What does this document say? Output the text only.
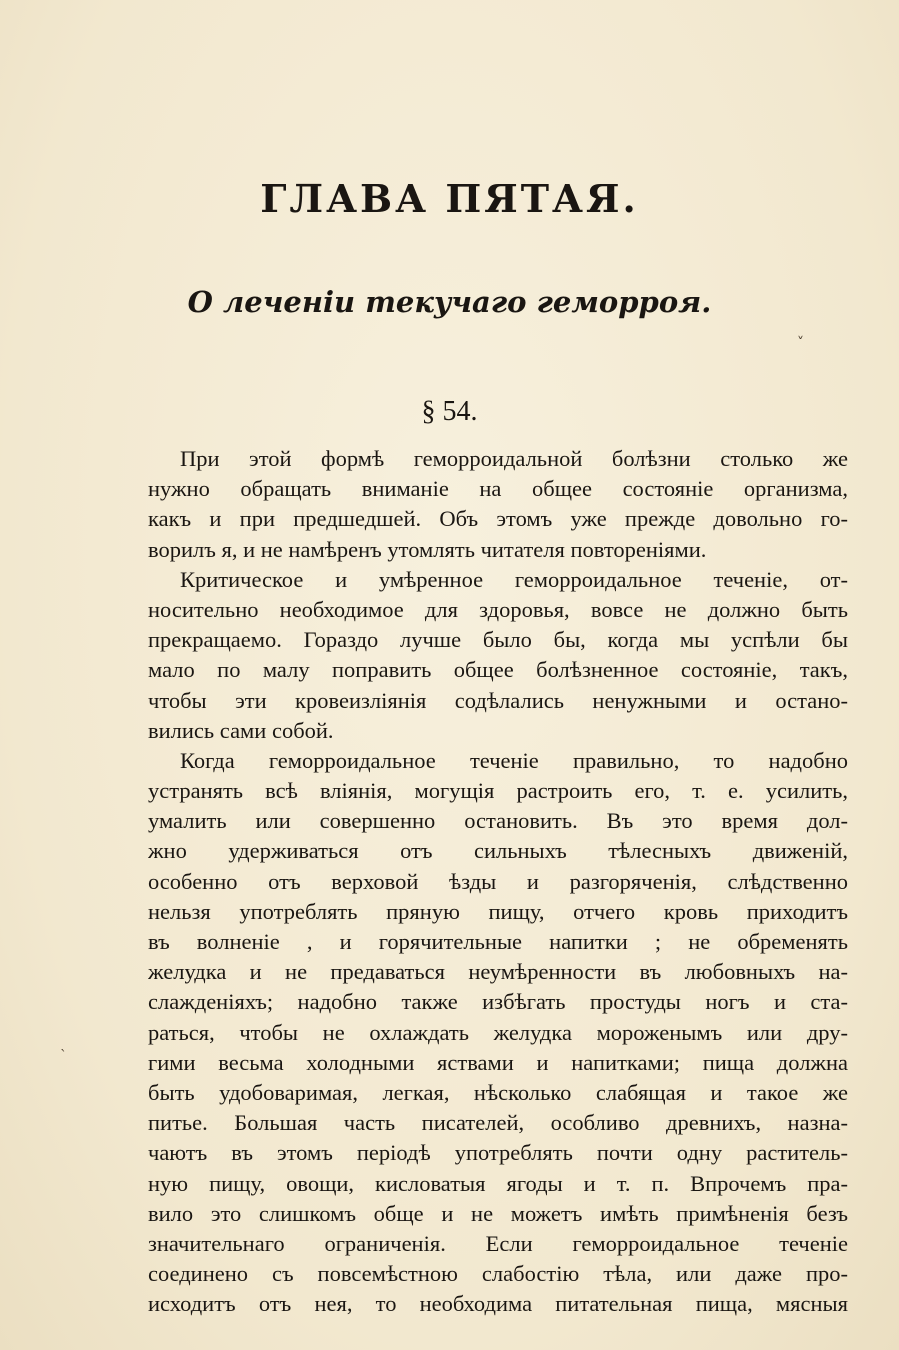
˅
ˋ
ГЛАВА ПЯТАЯ.
О леченіи текучаго геморроя.
§ 54.
При этой формѣ геморроидальной болѣзни столько же
нужно обращать вниманіе на общее состояніе организма,
какъ и при предшедшей. Объ этомъ уже прежде довольно го-
ворилъ я, и не намѣренъ утомлять читателя повтореніями.
Критическое и умѣренное геморроидальное теченіе, от-
носительно необходимое для здоровья, вовсе не должно быть
прекращаемо. Гораздо лучше было бы, когда мы успѣли бы
мало по малу поправить общее болѣзненное состояніе, такъ,
чтобы эти кровеизлiянія содѣлались ненужными и остано-
вились сами собой.
Когда геморроидальное теченіе правильно, то надобно
устранять всѣ вліянія, могущія растроить его, т. е. усилить,
умалить или совершенно остановить. Въ это время дол-
жно удерживаться отъ сильныхъ тѣлесныхъ движеній,
особенно отъ верховой ѣзды и разгоряченія, слѣдственно
нельзя употреблять пряную пищу, отчего кровь приходитъ
въ волненіе , и горячительные напитки ; не обременять
желудка и не предаваться неумѣренности въ любовныхъ на-
слажденіяхъ; надобно также избѣгать простуды ногъ и ста-
раться, чтобы не охлаждать желудка мороженымъ или дру-
гими весьма холодными яствами и напитками; пища должна
быть удобоваримая, легкая, нѣсколько слабящая и такое же
питье. Большая часть писателей, особливо древнихъ, назна-
чаютъ въ этомъ періодѣ употреблять почти одну раститель-
ную пищу, овощи, кисловатыя ягоды и т. п. Впрочемъ пра-
вило это слишкомъ обще и не можетъ имѣть примѣненія безъ
значительнаго ограниченія. Если геморроидальное теченіе
соединено съ повсемѣстною слабостію тѣла, или даже про-
исходитъ отъ нея, то необходима питательная пища, мясныя
